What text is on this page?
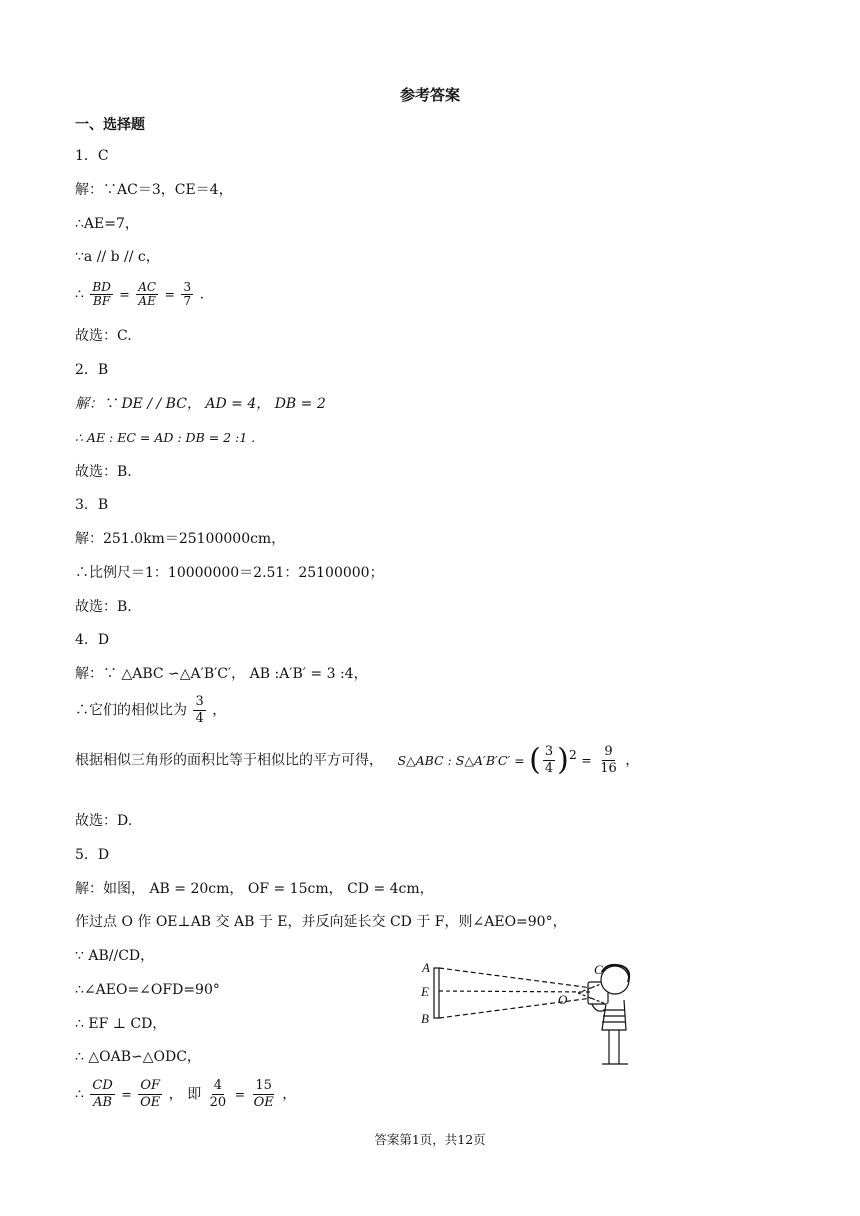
参考答案
一、选择题
1．C
解：∵AC＝3，CE＝4，
∴AE=7，
∵a // b // c，
∴ $\frac{BD}{BF} = \frac{AC}{AE} = \frac{3}{7}$ .
故选：C.
2．B
解：∵ DE / / BC， AD = 4， DB = 2
∴ AE : EC = AD : DB = 2 :1 .
故选：B.
3．B
解：251.0km＝25100000cm，
∴比例尺＝1：10000000＝2.51：25100000；
故选：B.
4．D
解：∵ △ABC ∽△A′B′C′， AB :A′B′ = 3 :4，
∴它们的相似比为 $\frac{3}{4}$ ，
根据相似三角形的面积比等于相似比的平方可得， S△ABC : S△A′B′C′ = ( $\frac{3}{4} )^2 = \frac{9}{16}$ ，
故选：D.
5．D
解：如图， AB = 20cm， OF = 15cm， CD = 4cm，
作过点 O 作 OE⊥AB 交 AB 于 E，并反向延长交 CD 于 F，则∠AEO=90°，
∵ AB//CD，
∴∠AEO=∠OFD=90°
∴ EF ⊥ CD，
∴ △OAB∽△ODC，
∴ $\frac{CD}{AB} = \frac{OF}{OE}$ ， 即 $\frac{4}{20} = \frac{15}{OE}$ ，
A
E
B
C
O
答案第1页，共12页
